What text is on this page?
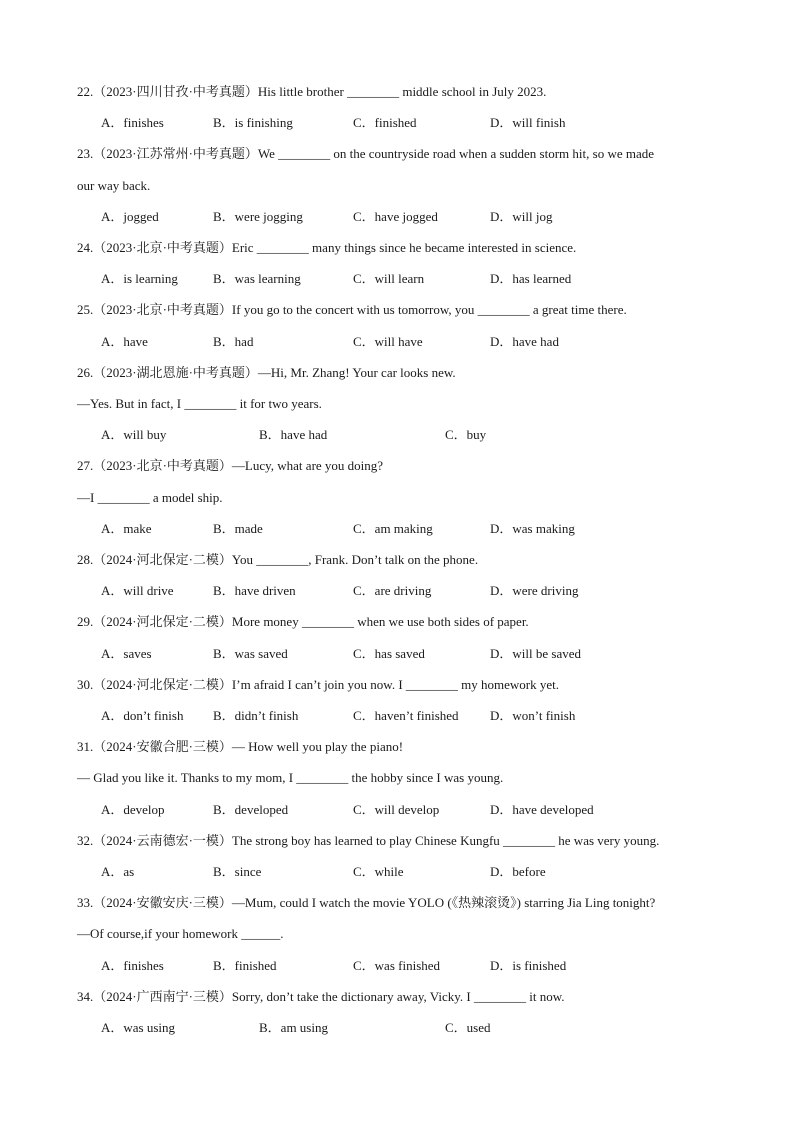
22.（2023·四川甘孜·中考真题）His little brother ________ middle school in July 2023.
A．finishes	B．is finishing	C．finished	D．will finish
23.（2023·江苏常州·中考真题）We ________ on the countryside road when a sudden storm hit, so we made
our way back.
A．jogged	B．were jogging	C．have jogged	D．will jog
24.（2023·北京·中考真题）Eric ________ many things since he became interested in science.
A．is learning	B．was learning	C．will learn	D．has learned
25.（2023·北京·中考真题）If you go to the concert with us tomorrow, you ________ a great time there.
A．have	B．had	C．will have	D．have had
26.（2023·湖北恩施·中考真题）—Hi, Mr. Zhang! Your car looks new.
—Yes. But in fact, I ________ it for two years.
A．will buy	B．have had	C．buy
27.（2023·北京·中考真题）—Lucy, what are you doing?
—I ________ a model ship.
A．make	B．made	C．am making	D．was making
28.（2024·河北保定·二模）You ________, Frank. Don’t talk on the phone.
A．will drive	B．have driven	C．are driving	D．were driving
29.（2024·河北保定·二模）More money ________ when we use both sides of paper.
A．saves	B．was saved	C．has saved	D．will be saved
30.（2024·河北保定·二模）I’m afraid I can’t join you now. I ________ my homework yet.
A．don’t finish B．didn’t finish	C．haven’t finished D．won’t finish
31.（2024·安徽合肥·三模）— How well you play the piano!
— Glad you like it. Thanks to my mom, I ________ the hobby since I was young.
A．develop	B．developed	C．will develop	D．have developed
32.（2024·云南德宏·一模）The strong boy has learned to play Chinese Kungfu ________ he was very young.
A．as	B．since	C．while	D．before
33.（2024·安徽安庆·三模）—Mum, could I watch the movie YOLO (《热辣滚烫》) starring Jia Ling tonight?
—Of course,if your homework ______.
A．finishes	B．finished	C．was finished	D．is finished
34.（2024·广西南宁·三模）Sorry, don’t take the dictionary away, Vicky. I ________ it now.
A．was using	B．am using	C．used
